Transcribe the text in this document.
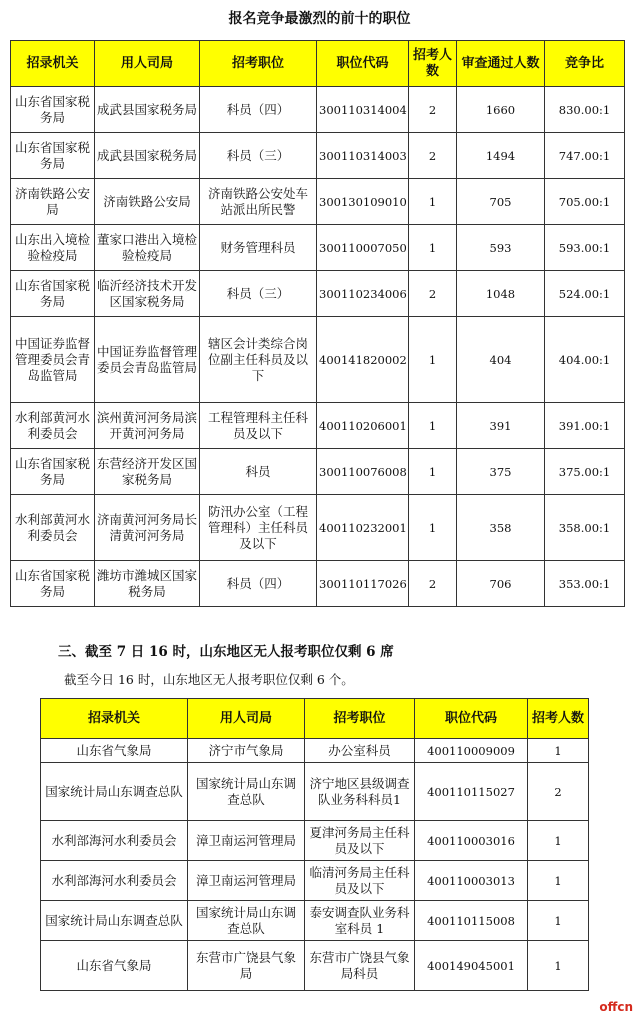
报名竞争最激烈的前十的职位
招录机关	用人司局	招考职位	职位代码	招考人数	审查通过人数	竞争比
山东省国家税务局	成武县国家税务局	科员（四）	300110314004	2	1660	830.00:1
山东省国家税务局	成武县国家税务局	科员（三）	300110314003	2	1494	747.00:1
济南铁路公安局	济南铁路公安局	济南铁路公安处车站派出所民警	300130109010	1	705	705.00:1
山东出入境检验检疫局	董家口港出入境检验检疫局	财务管理科员	300110007050	1	593	593.00:1
山东省国家税务局	临沂经济技术开发区国家税务局	科员（三）	300110234006	2	1048	524.00:1
中国证券监督管理委员会青岛监管局	中国证券监督管理委员会青岛监管局	辖区会计类综合岗位副主任科员及以下	400141820002	1	404	404.00:1
水利部黄河水利委员会	滨州黄河河务局滨开黄河河务局	工程管理科主任科员及以下	400110206001	1	391	391.00:1
山东省国家税务局	东营经济开发区国家税务局	科员	300110076008	1	375	375.00:1
水利部黄河水利委员会	济南黄河河务局长清黄河河务局	防汛办公室（工程管理科）主任科员及以下	400110232001	1	358	358.00:1
山东省国家税务局	潍坊市潍城区国家税务局	科员（四）	300110117026	2	706	353.00:1
三、截至 7 日 16 时，山东地区无人报考职位仅剩 6 席
截至今日 16 时，山东地区无人报考职位仅剩 6 个。
招录机关	用人司局	招考职位	职位代码	招考人数
山东省气象局	济宁市气象局	办公室科员	400110009009	1
国家统计局山东调查总队	国家统计局山东调查总队	济宁地区县级调查队业务科科员1	400110115027	2
水利部海河水利委员会	漳卫南运河管理局	夏津河务局主任科员及以下	400110003016	1
水利部海河水利委员会	漳卫南运河管理局	临清河务局主任科员及以下	400110003013	1
国家统计局山东调查总队	国家统计局山东调查总队	泰安调查队业务科室科员 1	400110115008	1
山东省气象局	东营市广饶县气象局	东营市广饶县气象局科员	400149045001	1
offcn
